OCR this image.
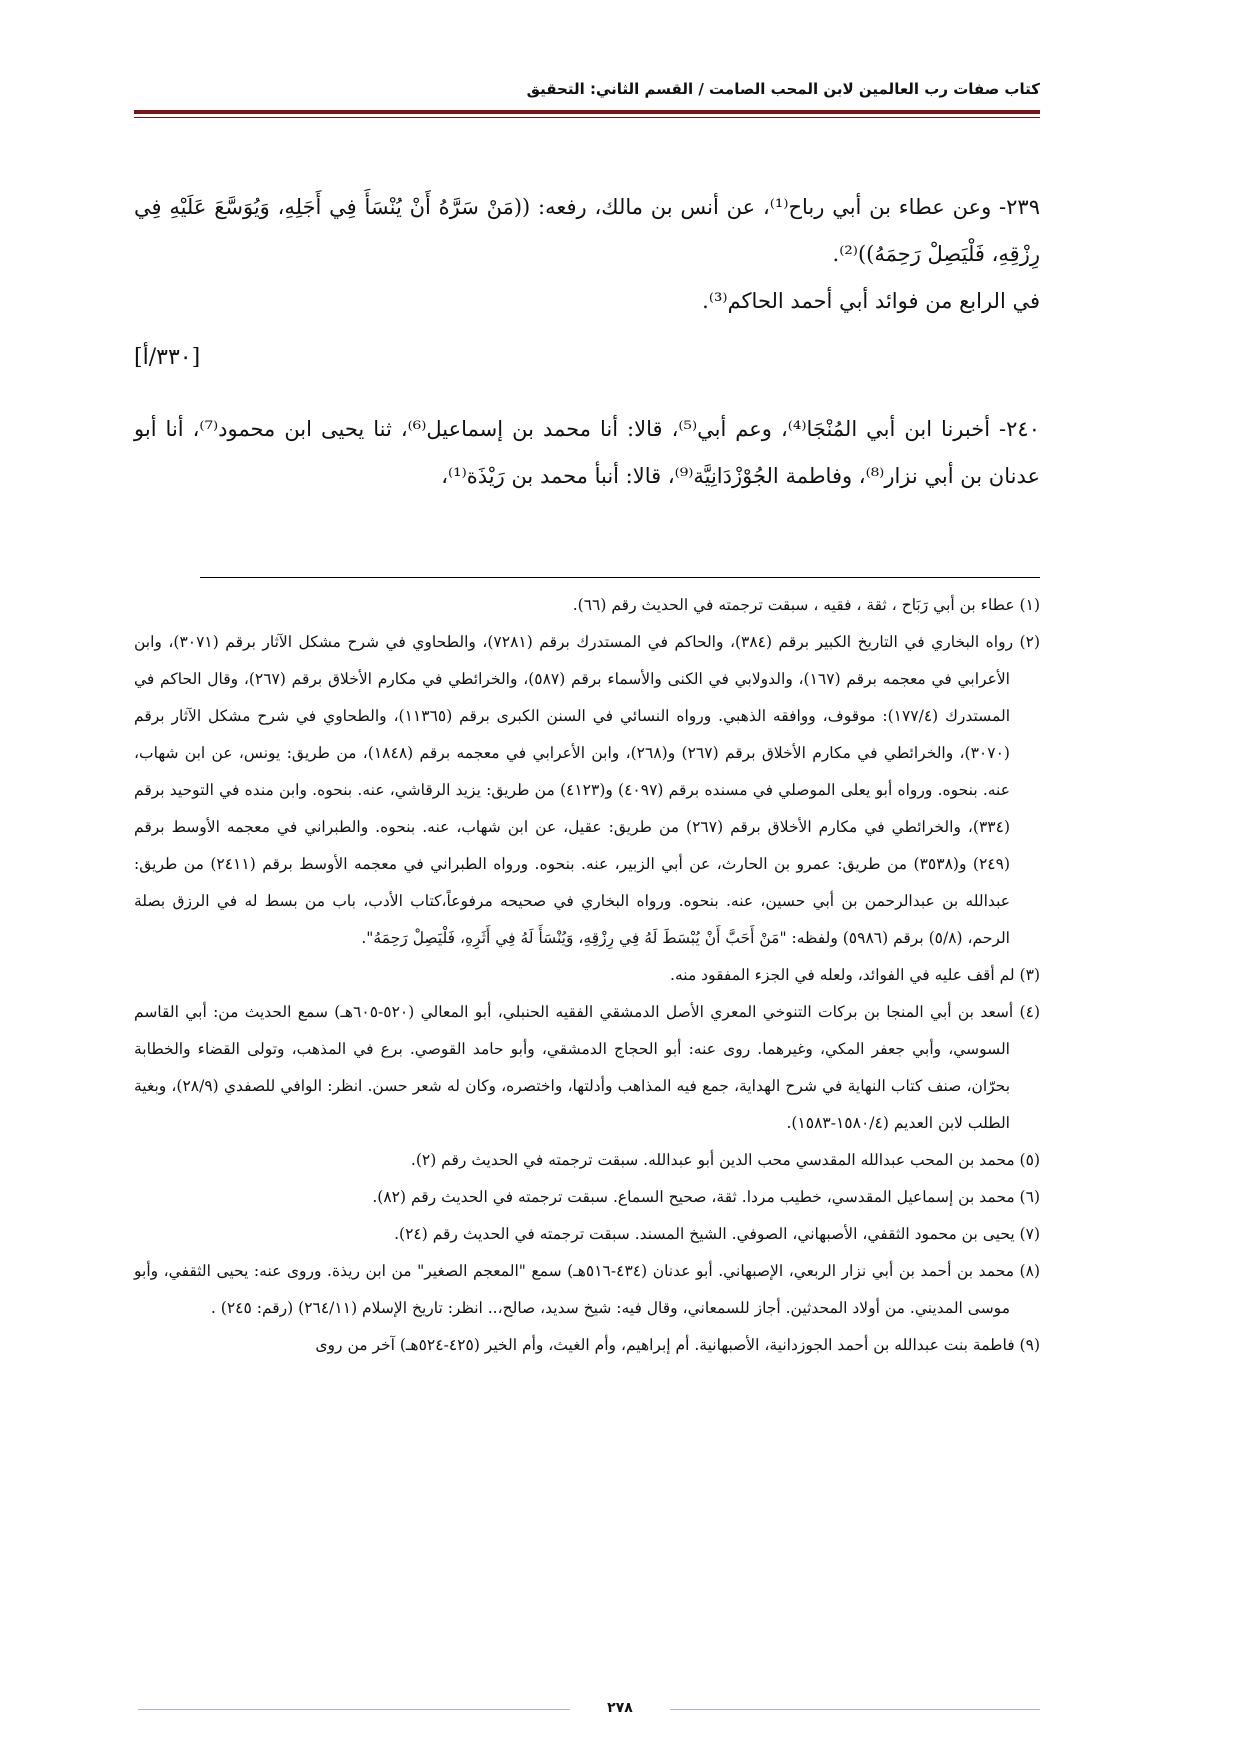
كتاب صفات رب العالمين لابن المحب الصامت / القسم الثاني: التحقيق

٢٣٩- وعن عطاء بن أبي رباح⁽¹⁾، عن أنس بن مالك، رفعه: ((مَنْ سَرَّهُ أَنْ يُنْسَأَ فِي أَجَلِهِ، وَيُوَسَّعَ عَلَيْهِ فِي رِزْقِهِ، فَلْيَصِلْ رَحِمَهُ))⁽²⁾.

في الرابع من فوائد أبي أحمد الحاكم⁽³⁾.

[٣٣٠/أ]

٢٤٠- أخبرنا ابن أبي المُنْجَا⁽⁴⁾، وعم أبي⁽⁵⁾، قالا: أنا محمد بن إسماعيل⁽⁶⁾، ثنا يحيى ابن محمود⁽⁷⁾، أنا أبو عدنان بن أبي نزار⁽⁸⁾، وفاطمة الجُوْزْدَانِيَّة⁽⁹⁾، قالا: أنبأ محمد بن رَيْذَة⁽¹⁾،

(١) عطاء بن أبي رَبَاح ، ثقة ، فقيه ، سبقت ترجمته في الحديث رقم (٦٦).

(٢) رواه البخاري في التاريخ الكبير برقم (٣٨٤)، والحاكم في المستدرك برقم (٧٢٨١)، والطحاوي في شرح مشكل الآثار برقم (٣٠٧١)، وابن الأعرابي في معجمه برقم (١٦٧)، والدولابي في الكنى والأسماء برقم (٥٨٧)، والخرائطي في مكارم الأخلاق برقم (٢٦٧)، وقال الحاكم في المستدرك (١٧٧/٤): موقوف، ووافقه الذهبي. ورواه النسائي في السنن الكبرى برقم (١١٣٦٥)، والطحاوي في شرح مشكل الآثار برقم (٣٠٧٠)، والخرائطي في مكارم الأخلاق برقم (٢٦٧) و(٢٦٨)، وابن الأعرابي في معجمه برقم (١٨٤٨)، من طريق: يونس، عن ابن شهاب، عنه. بنحوه. ورواه أبو يعلى الموصلي في مسنده برقم (٤٠٩٧) و(٤١٢٣) من طريق: يزيد الرقاشي، عنه. بنحوه. وابن منده في التوحيد برقم (٣٣٤)، والخرائطي في مكارم الأخلاق برقم (٢٦٧) من طريق: عقيل، عن ابن شهاب، عنه. بنحوه. والطبراني في معجمه الأوسط برقم (٢٤٩) و(٣٥٣٨) من طريق: عمرو بن الحارث، عن أبي الزبير، عنه. بنحوه. ورواه الطبراني في معجمه الأوسط برقم (٢٤١١) من طريق: عبدالله بن عبدالرحمن بن أبي حسين، عنه. بنحوه. ورواه البخاري في صحيحه مرفوعاً،كتاب الأدب، باب من بسط له في الرزق بصلة الرحم، (٥/٨) برقم (٥٩٨٦) ولفظه: "مَنْ أَحَبَّ أَنْ يُبْسَطَ لَهُ فِي رِزْقِهِ، وَيُنْسَأَ لَهُ فِي أَثَرِهِ، فَلْيَصِلْ رَحِمَهُ".

(٣) لم أقف عليه في الفوائد، ولعله في الجزء المفقود منه.

(٤) أسعد بن أبي المنجا بن بركات التنوخي المعري الأصل الدمشقي الفقيه الحنبلي، أبو المعالي (٥٢٠-٦٠٥هـ) سمع الحديث من: أبي القاسم السوسي، وأبي جعفر المكي، وغيرهما. روى عنه: أبو الحجاج الدمشقي، وأبو حامد القوصي. برع في المذهب، وتولى القضاء والخطابة بحرّان، صنف كتاب النهاية في شرح الهداية، جمع فيه المذاهب وأدلتها، واختصره، وكان له شعر حسن. انظر: الوافي للصفدي (٢٨/٩)، وبغية الطلب لابن العديم (١٥٨٠/٤-١٥٨٣).

(٥) محمد بن المحب عبدالله المقدسي محب الدين أبو عبدالله. سبقت ترجمته في الحديث رقم (٢).

(٦) محمد بن إسماعيل المقدسي، خطيب مردا. ثقة، صحيح السماع. سبقت ترجمته في الحديث رقم (٨٢).

(٧) يحيى بن محمود الثقفي، الأصبهاني، الصوفي. الشيخ المسند. سبقت ترجمته في الحديث رقم (٢٤).

(٨) محمد بن أحمد بن أبي نزار الربعي، الإصبهاني. أبو عدنان (٤٣٤-٥١٦هـ) سمع "المعجم الصغير" من ابن ريذة. وروى عنه: يحيى الثقفي، وأبو موسى المديني. من أولاد المحدثين. أجاز للسمعاني، وقال فيه: شيخ سديد، صالح،.. انظر: تاريخ الإسلام (٢٦٤/١١) (رقم: ٢٤٥) .

(٩) فاطمة بنت عبدالله بن أحمد الجوزدانية، الأصبهانية. أم إبراهيم، وأم الغيث، وأم الخير (٤٢٥-٥٢٤هـ) آخر من روى

٢٧٨
